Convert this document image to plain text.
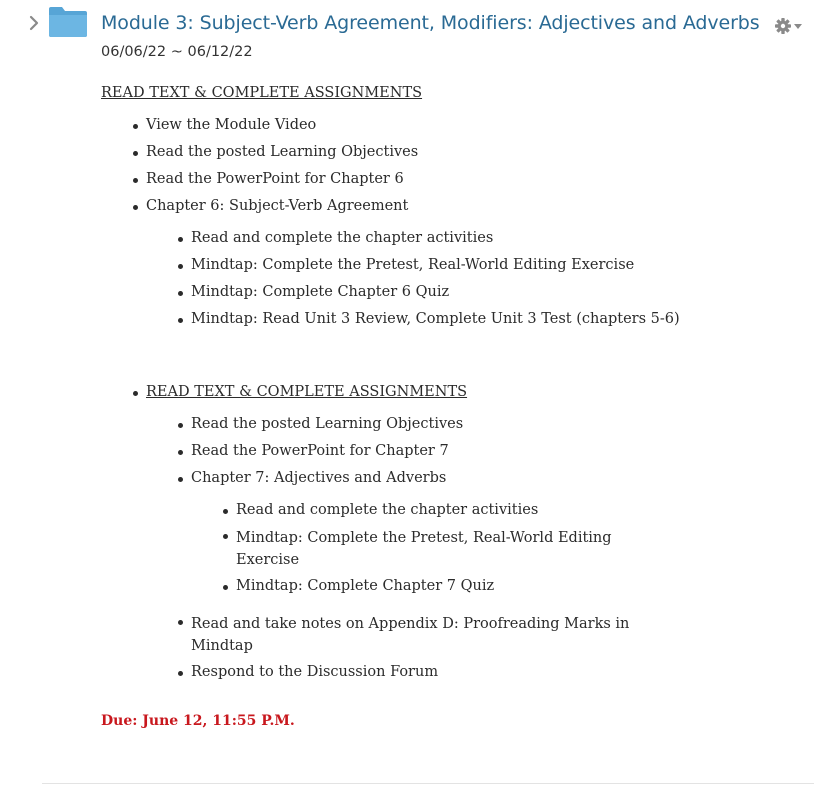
Module 3: Subject-Verb Agreement, Modifiers: Adjectives and Adverbs
06/06/22 ~ 06/12/22
READ TEXT & COMPLETE ASSIGNMENTS
View the Module Video
Read the posted Learning Objectives
Read the PowerPoint for Chapter 6
Chapter 6: Subject-Verb Agreement
Read and complete the chapter activities
Mindtap: Complete the Pretest, Real-World Editing Exercise
Mindtap: Complete Chapter 6 Quiz
Mindtap: Read Unit 3 Review, Complete Unit 3 Test (chapters 5-6)
READ TEXT & COMPLETE ASSIGNMENTS
Read the posted Learning Objectives
Read the PowerPoint for Chapter 7
Chapter 7: Adjectives and Adverbs
Read and complete the chapter activities
Mindtap: Complete the Pretest, Real-World Editing Exercise
Mindtap: Complete Chapter 7 Quiz
Read and take notes on Appendix D: Proofreading Marks in Mindtap
Respond to the Discussion Forum
Due: June 12, 11:55 P.M.
